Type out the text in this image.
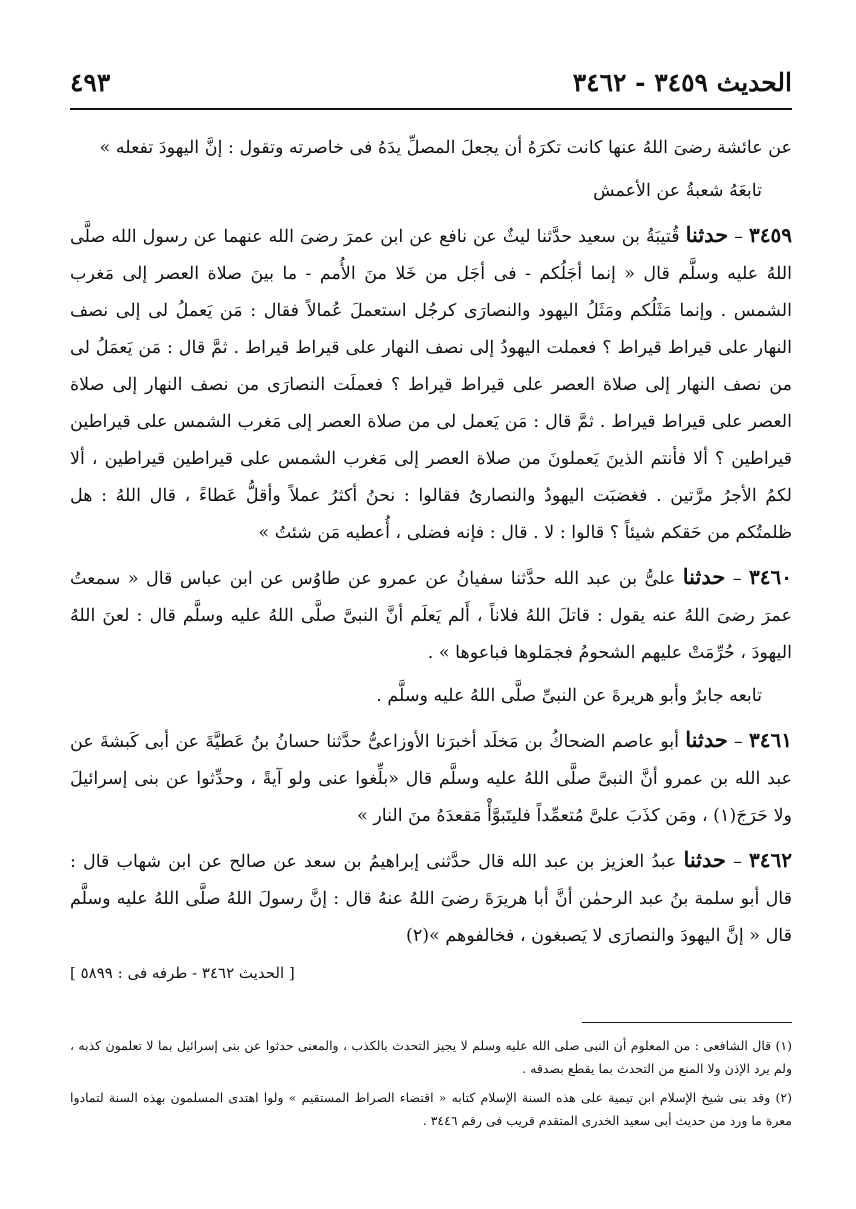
الحديث ٣٤٥٩ - ٣٤٦٢
٤٩٣

عن عائشة رضىَ اللهُ عنها كانت تكرَهُ أن يجعلَ المصلِّ يدَهُ فى خاصرته وتقول : إنَّ اليهودَ تفعله »

تابعَهُ شعبةُ عن الأعمش

٣٤٥٩ – حدثنا قُتيبَةُ بن سعيد حدَّثنا ليثٌ عن نافع عن ابن عمرَ رضىَ الله عنهما عن رسول الله صلَّى اللهُ عليه وسلَّم قال « إنما أجَلُكم - فى أجَل من خَلا منَ الأُمم - ما بينَ صلاة العصر إلى مَغرب الشمس . وإنما مَثَلُكم ومَثَلُ اليهود والنصارَى كرجُل استعملَ عُمالاً فقال : مَن يَعملُ لى إلى نصف النهار على قيراط قيراط ؟ فعملت اليهودُ إلى نصف النهار على قيراط قيراط . ثمَّ قال : مَن يَعمَلُ لى من نصف النهار إلى صلاة العصر على قيراط قيراط ؟ فعملَت النصارَى من نصف النهار إلى صلاة العصر على قيراط قيراط . ثمَّ قال : مَن يَعمل لى من صلاة العصر إلى مَغرب الشمس على قيراطين قيراطين ؟ ألا فأنتم الذينَ يَعملونَ من صلاة العصر إلى مَغرب الشمس على قيراطين قيراطين ، ألا لكمُ الأجرُ مرَّتين . فغضبَت اليهودُ والنصارىُ فقالوا : نحنُ أكثرُ عملاً وأقلُّ عَطاءً ، قال اللهُ : هل ظلمتُكم من حَقكم شيئاً ؟ قالوا : لا . قال : فإنه فضلى ، أُعطيه مَن شئتُ »

٣٤٦٠ – حدثنا علىُّ بن عبد الله حدَّثنا سفيانُ عن عمرو عن طاوُس عن ابن عباس قال « سمعتُ عمرَ رضىَ اللهُ عنه يقول : قاتلَ اللهُ فلاناً ، أَلم يَعلَم أنَّ النبىَّ صلَّى اللهُ عليه وسلَّم قال : لعنَ اللهُ اليهودَ ، حُرِّمَتْ عليهم الشحومُ فجمَلوها فباعوها » .

تابعه جابرٌ وأبو هريرةَ عن النبىِّ صلَّى اللهُ عليه وسلَّم .

٣٤٦١ – حدثنا أبو عاصم الضحاكُ بن مَخلَد أخبرَنا الأوزاعىُّ حدَّثنا حسانُ بنُ عَطيَّةَ عن أبى كَبشةَ عن عبد الله بن عمرو أنَّ النبىَّ صلَّى اللهُ عليه وسلَّم قال «بلِّغوا عنى ولو آيةً ، وحدِّثوا عن بنى إسرائيلَ ولا حَرَجَ(١) ، ومَن كذَبَ علىَّ مُتعمِّداً فليتَبوَّأْ مَقعدَهُ منَ النار »

٣٤٦٢ – حدثنا عبدُ العزيز بن عبد الله قال حدَّثنى إبراهيمُ بن سعد عن صالح عن ابن شهاب قال : قال أبو سلمة بنُ عبد الرحمٰن أنَّ أبا هريرَةَ رضىَ اللهُ عنهُ قال : إنَّ رسولَ اللهُ صلَّى اللهُ عليه وسلَّم قال « إنَّ اليهودَ والنصارَى لا يَصبغون ، فخالفوهم »(٢)

[ الحديث ٣٤٦٢ - طرفه فى : ٥٨٩٩ ]

(١) قال الشافعى : من المعلوم أن النبى صلى الله عليه وسلم لا يجيز التحدث بالكذب ، والمعنى حدثوا عن بنى إسرائيل بما لا تعلمون كذبه ، ولم يرد الإذن ولا المنع من التحدث بما يقطع بصدقه .

(٢) وقد بنى شيخ الإسلام ابن تيمية على هذه السنة الإسلام كتابه « اقتضاء الصراط المستقيم » ولوا اهتدى المسلمون بهذه السنة لتمادوا معرة ما ورد من حديث أبى سعيد الخدرى المتقدم قريب فى رقم ٣٤٤٦ .
